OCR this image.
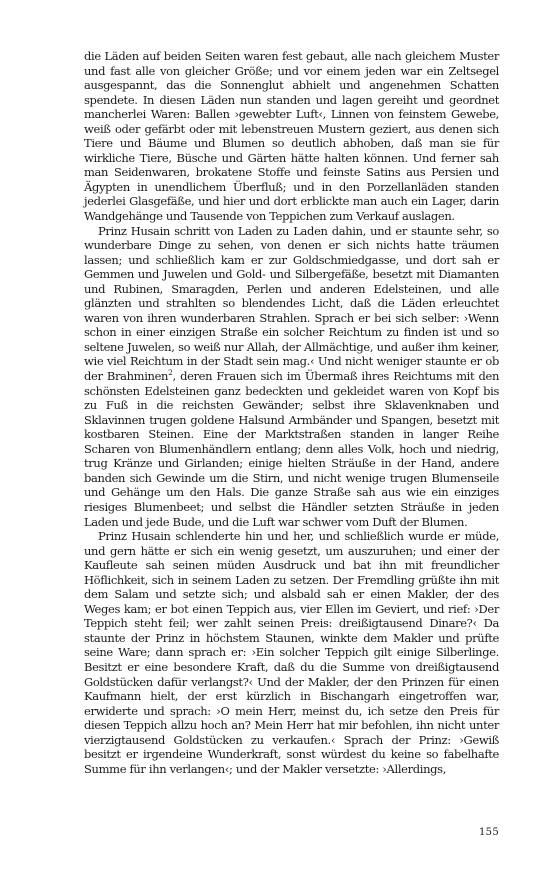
die Läden auf beiden Seiten waren fest gebaut, alle nach gleichem Muster und fast alle von gleicher Größe; und vor einem jeden war ein Zeltsegel ausgespannt, das die Sonnenglut abhielt und angenehmen Schatten spendete. In diesen Läden nun standen und lagen gereiht und geordnet mancherlei Waren: Ballen ›gewebter Luft‹, Linnen von feinstem Gewebe, weiß oder gefärbt oder mit lebenstreuen Mustern geziert, aus denen sich Tiere und Bäume und Blumen so deutlich abhoben, daß man sie für wirkliche Tiere, Büsche und Gärten hätte halten können. Und ferner sah man Seidenwaren, brokatene Stoffe und feinste Satins aus Persien und Ägypten in unendlichem Überfluß; und in den Porzellanläden standen jederlei Glasgefäße, und hier und dort erblickte man auch ein Lager, darin Wandgehänge und Tausende von Teppichen zum Verkauf auslagen.

Prinz Husain schritt von Laden zu Laden dahin, und er staunte sehr, so wunderbare Dinge zu sehen, von denen er sich nichts hatte träumen lassen; und schließlich kam er zur Goldschmiedgasse, und dort sah er Gemmen und Juwelen und Gold- und Silbergefäße, besetzt mit Diamanten und Rubinen, Smaragden, Perlen und anderen Edelsteinen, und alle glänzten und strahlten so blendendes Licht, daß die Läden erleuchtet waren von ihren wunderbaren Strahlen. Sprach er bei sich selber: ›Wenn schon in einer einzigen Straße ein solcher Reichtum zu finden ist und so seltene Juwelen, so weiß nur Allah, der Allmächtige, und außer ihm keiner, wie viel Reichtum in der Stadt sein mag.‹ Und nicht weniger staunte er ob der Brahminen$^2$, deren Frauen sich im Übermaß ihres Reichtums mit den schönsten Edelsteinen ganz bedeckten und gekleidet waren von Kopf bis zu Fuß in die reichsten Gewänder; selbst ihre Sklavenknaben und Sklavinnen trugen goldene Halsund Armbänder und Spangen, besetzt mit kostbaren Steinen. Eine der Marktstraßen standen in langer Reihe Scharen von Blumenhändlern entlang; denn alles Volk, hoch und niedrig, trug Kränze und Girlanden; einige hielten Sträuße in der Hand, andere banden sich Gewinde um die Stirn, und nicht wenige trugen Blumenseile und Gehänge um den Hals. Die ganze Straße sah aus wie ein einziges riesiges Blumenbeet; und selbst die Händler setzten Sträuße in jeden Laden und jede Bude, und die Luft war schwer vom Duft der Blumen.

Prinz Husain schlenderte hin und her, und schließlich wurde er müde, und gern hätte er sich ein wenig gesetzt, um auszuruhen; und einer der Kaufleute sah seinen müden Ausdruck und bat ihn mit freundlicher Höflichkeit, sich in seinem Laden zu setzen. Der Fremdling grüßte ihn mit dem Salam und setzte sich; und alsbald sah er einen Makler, der des Weges kam; er bot einen Teppich aus, vier Ellen im Geviert, und rief: ›Der Teppich steht feil; wer zahlt seinen Preis: dreißigtausend Dinare?‹ Da staunte der Prinz in höchstem Staunen, winkte dem Makler und prüfte seine Ware; dann sprach er: ›Ein solcher Teppich gilt einige Silberlinge. Besitzt er eine besondere Kraft, daß du die Summe von dreißigtausend Goldstücken dafür verlangst?‹ Und der Makler, der den Prinzen für einen Kaufmann hielt, der erst kürzlich in Bischangarh eingetroffen war, erwiderte und sprach: ›O mein Herr, meinst du, ich setze den Preis für diesen Teppich allzu hoch an? Mein Herr hat mir befohlen, ihn nicht unter vierzigtausend Goldstücken zu verkaufen.‹ Sprach der Prinz: ›Gewiß besitzt er irgendeine Wunderkraft, sonst würdest du keine so fabelhafte Summe für ihn verlangen‹; und der Makler versetzte: ›Allerdings,

155
